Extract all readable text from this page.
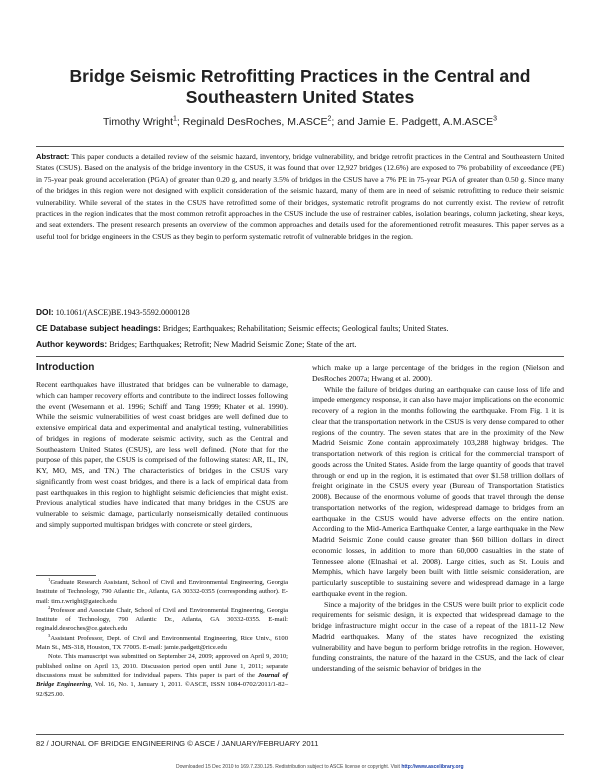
Bridge Seismic Retrofitting Practices in the Central and Southeastern United States
Timothy Wright$^1$; Reginald DesRoches, M.ASCE$^2$; and Jamie E. Padgett, A.M.ASCE$^3$
Abstract: This paper conducts a detailed review of the seismic hazard, inventory, bridge vulnerability, and bridge retrofit practices in the Central and Southeastern United States (CSUS). Based on the analysis of the bridge inventory in the CSUS, it was found that over 12,927 bridges (12.6%) are exposed to 7% probability of exceedance (PE) in 75-year peak ground acceleration (PGA) of greater than 0.20 g, and nearly 3.5% of bridges in the CSUS have a 7% PE in 75-year PGA of greater than 0.50 g. Since many of the bridges in this region were not designed with explicit consideration of the seismic hazard, many of them are in need of seismic retrofitting to reduce their seismic vulnerability. While several of the states in the CSUS have retrofitted some of their bridges, systematic retrofit programs do not currently exist. The review of retrofit practices in the region indicates that the most common retrofit approaches in the CSUS include the use of restrainer cables, isolation bearings, column jacketing, shear keys, and seat extenders. The present research presents an overview of the common approaches and details used for the aforementioned retrofit measures. This paper serves as a useful tool for bridge engineers in the CSUS as they begin to perform systematic retrofit of vulnerable bridges in the region.
DOI: 10.1061/(ASCE)BE.1943-5592.0000128
CE Database subject headings: Bridges; Earthquakes; Rehabilitation; Seismic effects; Geological faults; United States.
Author keywords: Bridges; Earthquakes; Retrofit; New Madrid Seismic Zone; State of the art.
Introduction

Recent earthquakes have illustrated that bridges can be vulnerable to damage, which can hamper recovery efforts and contribute to the indirect losses following the event (Wesemann et al. 1996; Schiff and Tang 1999; Khater et al. 1990). While the seismic vulnerabilities of west coast bridges are well defined due to extensive empirical data and experimental and analytical testing, vulnerabilities of bridges in regions of moderate seismic activity, such as the Central and Southeastern United States (CSUS), are less well defined. (Note that for the purpose of this paper, the CSUS is comprised of the following states: AR, IL, IN, KY, MO, MS, and TN.) The characteristics of bridges in the CSUS vary significantly from west coast bridges, and there is a lack of empirical data from past earthquakes in this region to highlight seismic deficiencies that might exist. Previous analytical studies have indicated that many bridges in the CSUS are vulnerable to seismic damage, particularly nonseismically detailed continuous and simply supported multispan bridges with concrete or steel girders,

$^1$Graduate Research Assistant, School of Civil and Environmental Engineering, Georgia Institute of Technology, 790 Atlantic Dr., Atlanta, GA 30332-0355 (corresponding author). E-mail: tim.r.wright@gatech.edu

$^2$Professor and Associate Chair, School of Civil and Environmental Engineering, Georgia Institute of Technology, 790 Atlantic Dr., Atlanta, GA 30332-0355. E-mail: reginald.desroches@ce.gatech.edu

$^3$Assistant Professor, Dept. of Civil and Environmental Engineering, Rice Univ., 6100 Main St., MS-318, Houston, TX 77005. E-mail: jamie.padgett@rice.edu

Note. This manuscript was submitted on September 24, 2009; approved on April 9, 2010; published online on April 13, 2010. Discussion period open until June 1, 2011; separate discussions must be submitted for individual papers. This paper is part of the Journal of Bridge Engineering, Vol. 16, No. 1, January 1, 2011. ©ASCE, ISSN 1084-0702/2011/1-82–92/$25.00.

which make up a large percentage of the bridges in the region (Nielson and DesRoches 2007a; Hwang et al. 2000).

While the failure of bridges during an earthquake can cause loss of life and impede emergency response, it can also have major implications on the economic recovery of a region in the months following the earthquake. From Fig. 1 it is clear that the transportation network in the CSUS is very dense compared to other regions of the country. The seven states that are in the proximity of the New Madrid Seismic Zone contain approximately 103,288 highway bridges. The transportation network of this region is critical for the commercial transport of goods across the United States. Aside from the large quantity of goods that travel through or end up in the region, it is estimated that over $1.58 trillion dollars of freight originate in the CSUS every year (Bureau of Transportation Statistics 2008). Because of the enormous volume of goods that travel through the dense transportation networks of the region, widespread damage to bridges from an earthquake in the CSUS would have adverse effects on the entire nation. According to the Mid-America Earthquake Center, a large earthquake in the New Madrid Seismic Zone could cause greater than $60 billion dollars in direct economic losses, in addition to more than 60,000 casualties in the state of Tennessee alone (Elnashai et al. 2008). Large cities, such as St. Louis and Memphis, which have largely been built with little seismic consideration, are particularly susceptible to sustaining severe and widespread damage in a large earthquake event in the region.

Since a majority of the bridges in the CSUS were built prior to explicit code requirements for seismic design, it is expected that widespread damage to the bridge infrastructure might occur in the case of a repeat of the 1811-12 New Madrid earthquakes. Many of the states have recognized the existing vulnerability and have begun to perform bridge retrofits in the region. However, funding constraints, the nature of the hazard in the CSUS, and the lack of clear understanding of the seismic behavior of bridges in the

82 / JOURNAL OF BRIDGE ENGINEERING © ASCE / JANUARY/FEBRUARY 2011
Downloaded 15 Dec 2010 to 169.7.230.125. Redistribution subject to ASCE license or copyright. Visit http://www.ascelibrary.org
